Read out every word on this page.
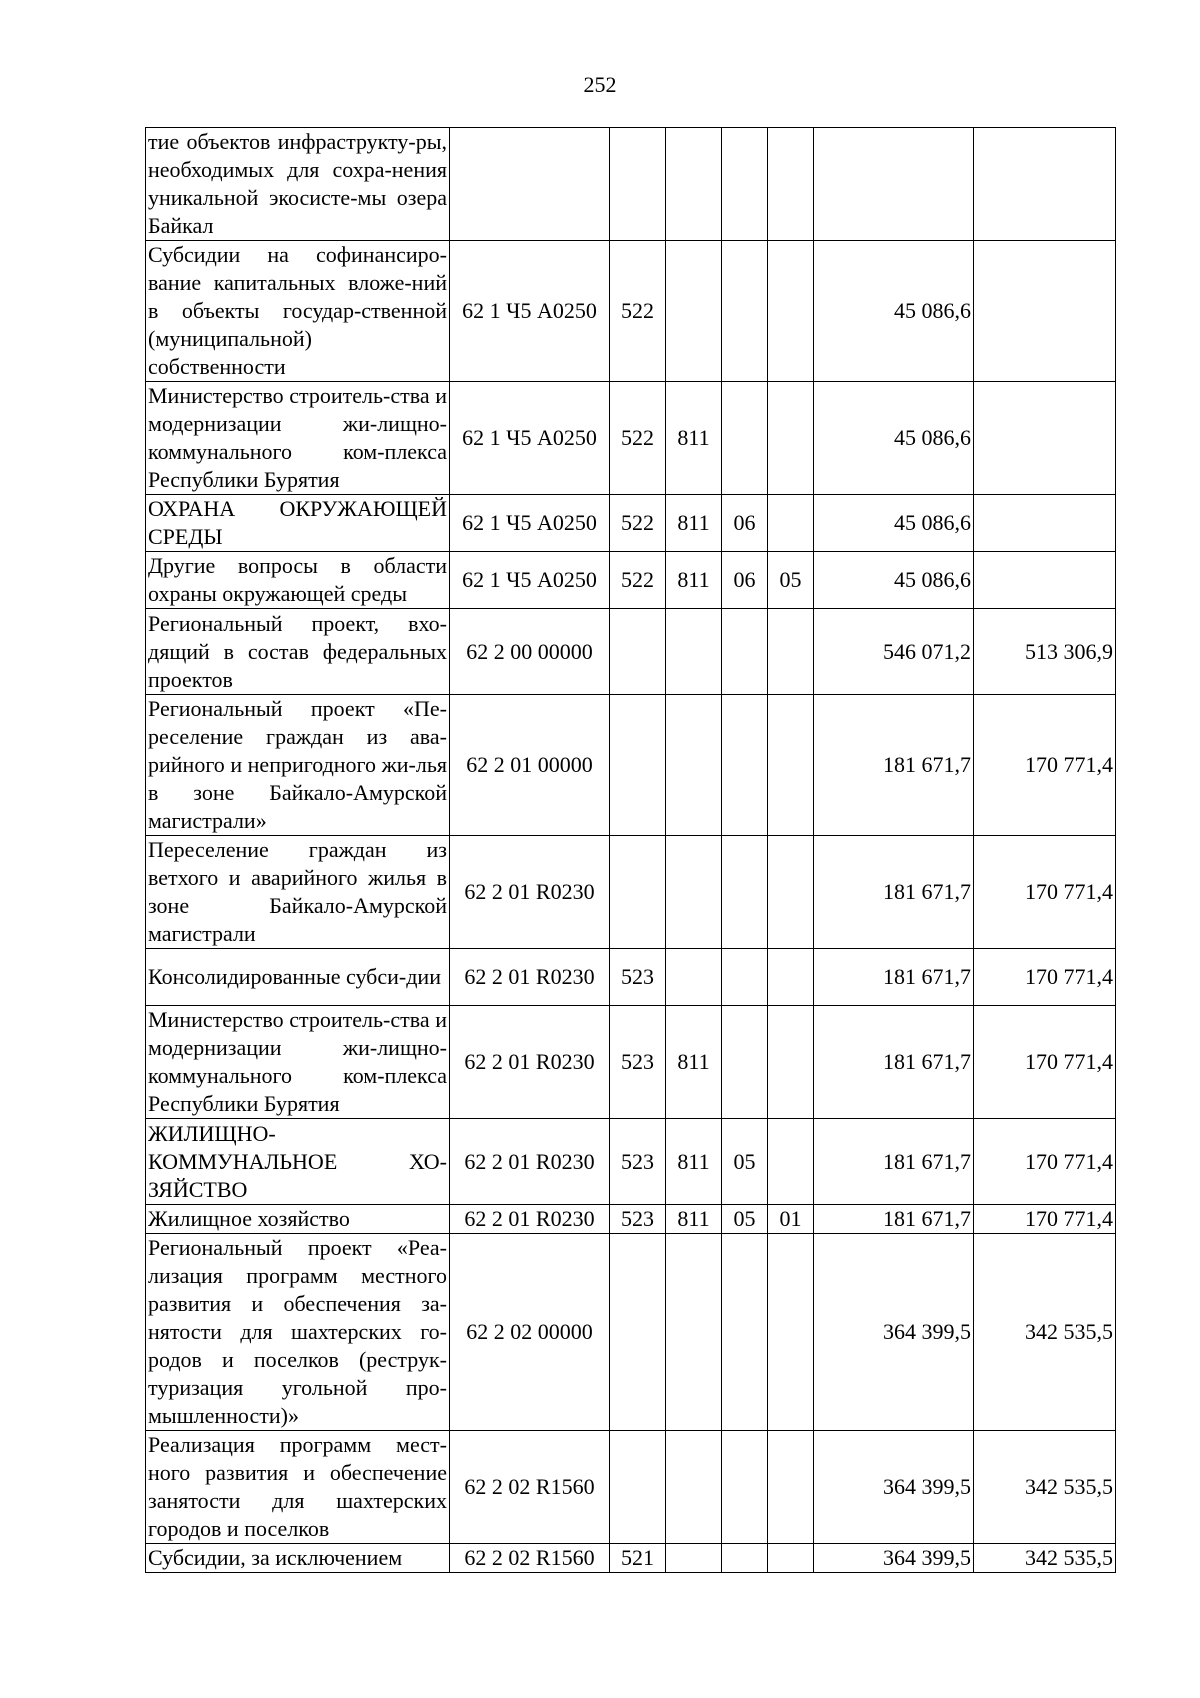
252
тие объектов инфраструкту-ры, необходимых для сохра-нения уникальной экосисте-мы озера Байкал							
Субсидии на софинансиро-вание капитальных вложе-ний в объекты государ-ственной (муниципальной) собственности	62 1 Ч5 А0250	522				45 086,6	
Министерство строитель-ства и модернизации жи-лищно-коммунального ком-плекса Республики Бурятия	62 1 Ч5 А0250	522	811			45 086,6	
ОХРАНА ОКРУЖАЮЩЕЙ СРЕДЫ	62 1 Ч5 А0250	522	811	06		45 086,6	
Другие вопросы в области охраны окружающей среды	62 1 Ч5 А0250	522	811	06	05	45 086,6	
Региональный проект, вхо-дящий в состав федеральных проектов	62 2 00 00000					546 071,2	513 306,9
Региональный проект «Пе-реселение граждан из ава-рийного и непригодного жи-лья в зоне Байкало-Амурской магистрали»	62 2 01 00000					181 671,7	170 771,4
Переселение граждан из ветхого и аварийного жилья в зоне Байкало-Амурской магистрали	62 2 01 R0230					181 671,7	170 771,4
Консолидированные субси-дии	62 2 01 R0230	523				181 671,7	170 771,4
Министерство строитель-ства и модернизации жи-лищно-коммунального ком-плекса Республики Бурятия	62 2 01 R0230	523	811			181 671,7	170 771,4
ЖИЛИЩНО-КОММУНАЛЬНОЕ ХО-ЗЯЙСТВО	62 2 01 R0230	523	811	05		181 671,7	170 771,4
Жилищное хозяйство	62 2 01 R0230	523	811	05	01	181 671,7	170 771,4
Региональный проект «Реа-лизация программ местного развития и обеспечения за-нятости для шахтерских го-родов и поселков (реструк-туризация угольной про-мышленности)»	62 2 02 00000					364 399,5	342 535,5
Реализация программ мест-ного развития и обеспечение занятости для шахтерских городов и поселков	62 2 02 R1560					364 399,5	342 535,5
Субсидии, за исключением	62 2 02 R1560	521				364 399,5	342 535,5
